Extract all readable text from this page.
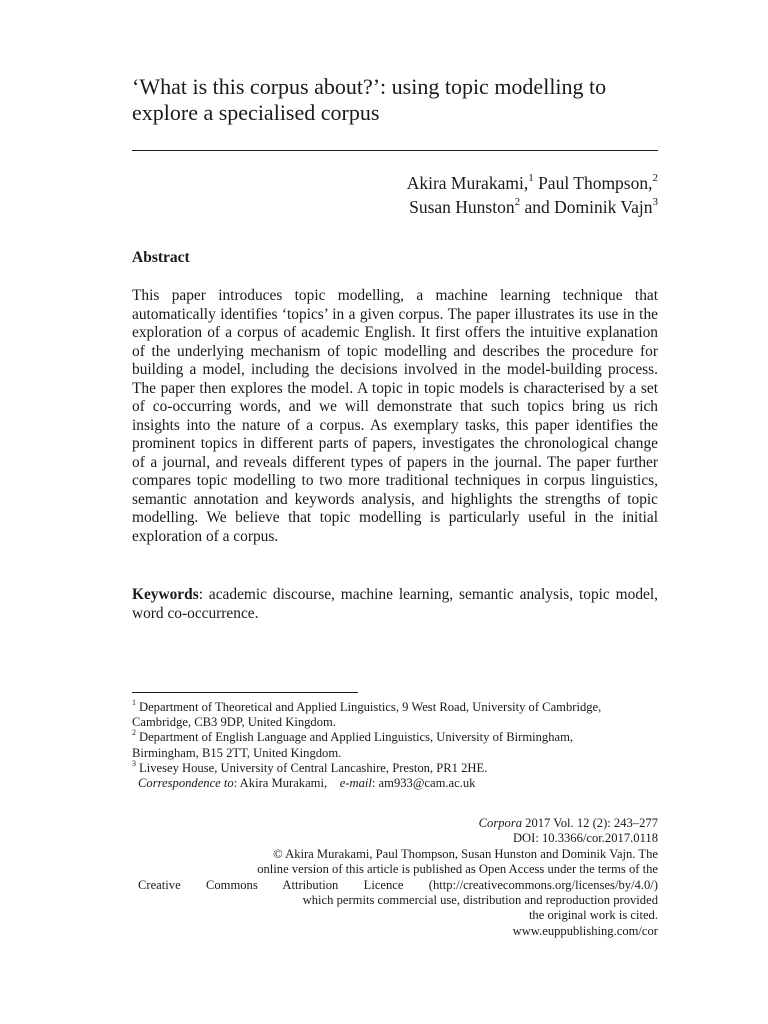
‘What is this corpus about?’: using topic modelling to explore a specialised corpus
Akira Murakami,$^1$ Paul Thompson,$^2$
Susan Hunston$^2$ and Dominik Vajn$^3$
Abstract

This paper introduces topic modelling, a machine learning technique that automatically identifies ‘topics’ in a given corpus. The paper illustrates its use in the exploration of a corpus of academic English. It first offers the intuitive explanation of the underlying mechanism of topic modelling and describes the procedure for building a model, including the decisions involved in the model-building process. The paper then explores the model. A topic in topic models is characterised by a set of co-occurring words, and we will demonstrate that such topics bring us rich insights into the nature of a corpus. As exemplary tasks, this paper identifies the prominent topics in different parts of papers, investigates the chronological change of a journal, and reveals different types of papers in the journal. The paper further compares topic modelling to two more traditional techniques in corpus linguistics, semantic annotation and keywords analysis, and highlights the strengths of topic modelling. We believe that topic modelling is particularly useful in the initial exploration of a corpus.

Keywords: academic discourse, machine learning, semantic analysis, topic model, word co-occurrence.

$^1$ Department of Theoretical and Applied Linguistics, 9 West Road, University of Cambridge,
Cambridge, CB3 9DP, United Kingdom.

$^2$ Department of English Language and Applied Linguistics, University of Birmingham,
Birmingham, B15 2TT, United Kingdom.

$^3$ Livesey House, University of Central Lancashire, Preston, PR1 2HE.

Correspondence to: Akira Murakami, e-mail: am933@cam.ac.uk

Corpora 2017 Vol. 12 (2): 243–277

DOI: 10.3366/cor.2017.0118

© Akira Murakami, Paul Thompson, Susan Hunston and Dominik Vajn. The

online version of this article is published as Open Access under the terms of the

Creative Commons Attribution Licence (http://creativecommons.org/licenses/by/4.0/)

which permits commercial use, distribution and reproduction provided

the original work is cited.

www.euppublishing.com/cor
